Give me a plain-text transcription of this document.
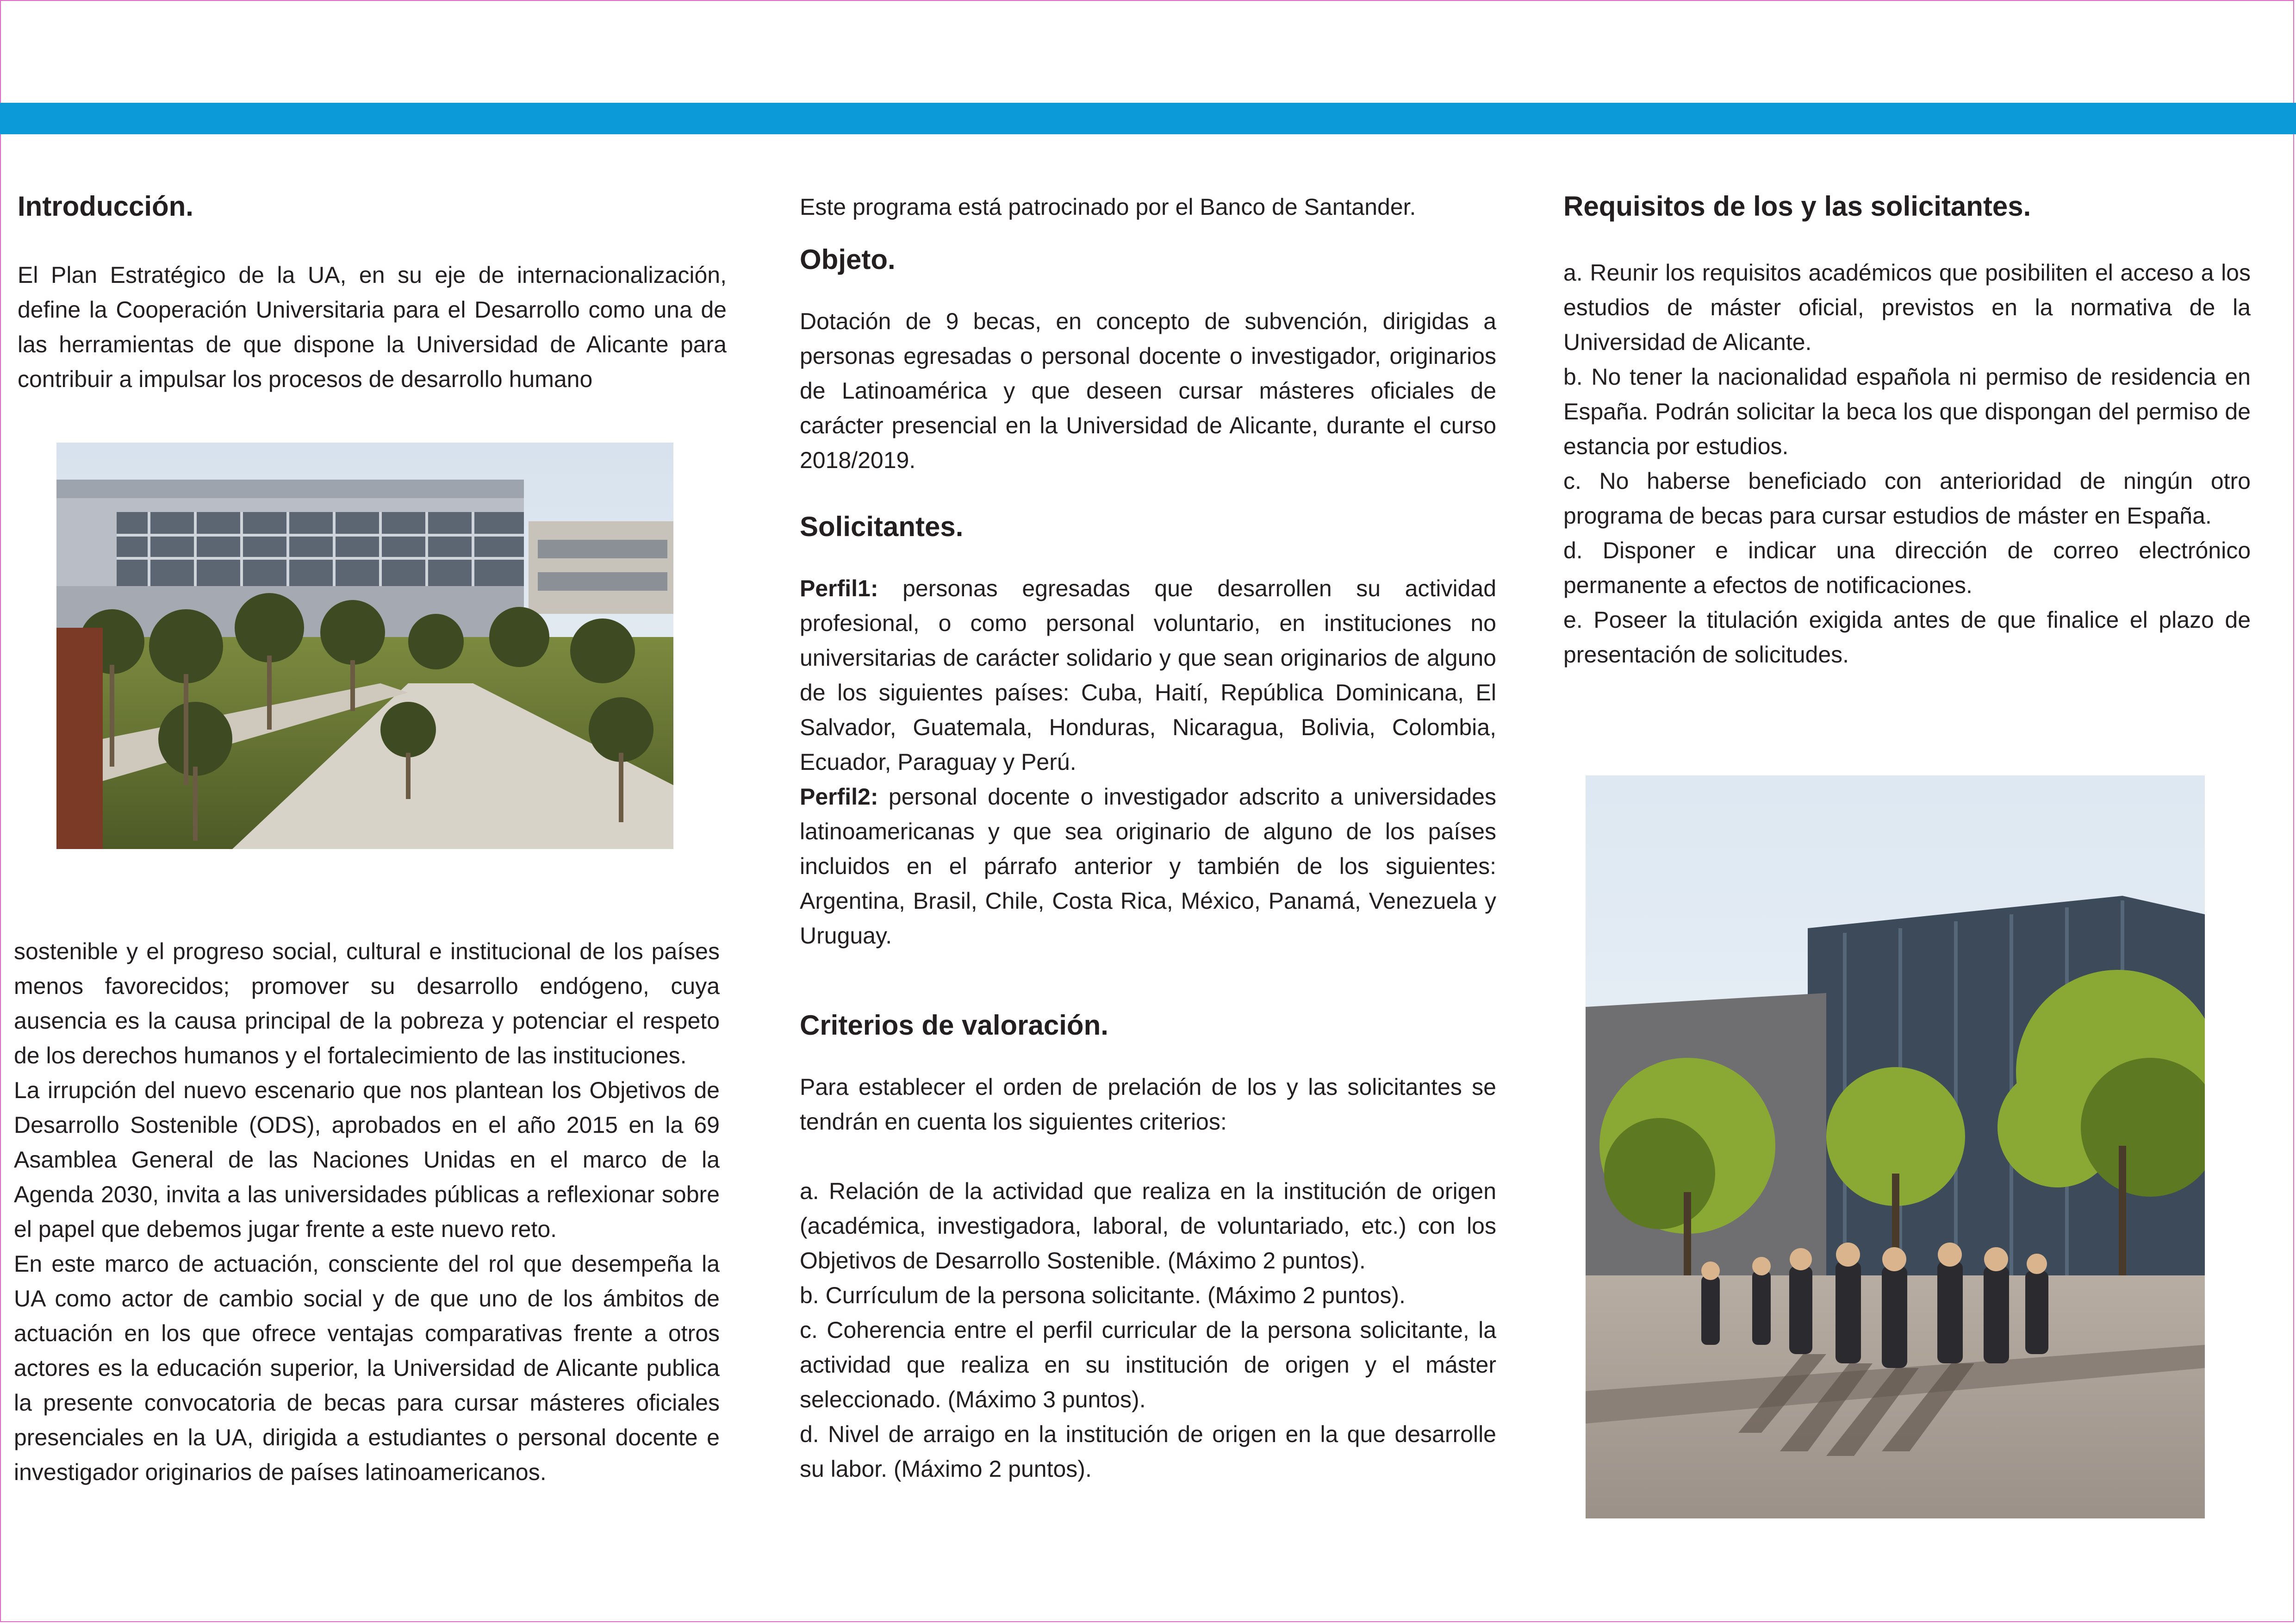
Introducción.

El Plan Estratégico de la UA, en su eje de internacionalización, define la Cooperación Universitaria para el Desarrollo como una de las herramientas de que dispone la Universidad de Alicante para contribuir a impulsar los procesos de desarrollo humano

sostenible y el progreso social, cultural e institucional de los países menos favorecidos; promover su desarrollo endógeno, cuya ausencia es la causa principal de la pobreza y potenciar el respeto de los derechos humanos y el fortalecimiento de las instituciones.

La irrupción del nuevo escenario que nos plantean los Objetivos de Desarrollo Sostenible (ODS), aprobados en el año 2015 en la 69 Asamblea General de las Naciones Unidas en el marco de la Agenda 2030, invita a las universidades públicas a reflexionar sobre el papel que debemos jugar frente a este nuevo reto.

En este marco de actuación, consciente del rol que desempeña la UA como actor de cambio social y de que uno de los ámbitos de actuación en los que ofrece ventajas comparativas frente a otros actores es la educación superior, la Universidad de Alicante publica la presente convocatoria de becas para cursar másteres oficiales presenciales en la UA, dirigida a estudiantes o personal docente e investigador originarios de países latinoamericanos.

Este programa está patrocinado por el Banco de Santander.

Objeto.

Dotación de 9 becas, en concepto de subvención, dirigidas a personas egresadas o personal docente o investigador, originarios de Latinoamérica y que deseen cursar másteres oficiales de carácter presencial en la Universidad de Alicante, durante el curso 2018/2019.

Solicitantes.

Perfil1: personas egresadas que desarrollen su actividad profesional, o como personal voluntario, en instituciones no universitarias de carácter solidario y que sean originarios de alguno de los siguientes países: Cuba, Haití, República Dominicana, El Salvador, Guatemala, Honduras, Nicaragua, Bolivia, Colombia, Ecuador, Paraguay y Perú.

Perfil2: personal docente o investigador adscrito a universidades latinoamericanas y que sea originario de alguno de los países incluidos en el párrafo anterior y también de los siguientes: Argentina, Brasil, Chile, Costa Rica, México, Panamá, Venezuela y Uruguay.

Criterios de valoración.

Para establecer el orden de prelación de los y las solicitantes se tendrán en cuenta los siguientes criterios:

a. Relación de la actividad que realiza en la institución de origen (académica, investigadora, laboral, de voluntariado, etc.) con los Objetivos de Desarrollo Sostenible. (Máximo 2 puntos).

b. Currículum de la persona solicitante. (Máximo 2 puntos).

c. Coherencia entre el perfil curricular de la persona solicitante, la actividad que realiza en su institución de origen y el máster seleccionado. (Máximo 3 puntos).

d. Nivel de arraigo en la institución de origen en la que desarrolle su labor. (Máximo 2 puntos).

Requisitos de los y las solicitantes.

a. Reunir los requisitos académicos que posibiliten el acceso a los estudios de máster oficial, previstos en la normativa de la Universidad de Alicante.

b. No tener la nacionalidad española ni permiso de residencia en España. Podrán solicitar la beca los que dispongan del permiso de estancia por estudios.

c. No haberse beneficiado con anterioridad de ningún otro programa de becas para cursar estudios de máster en España.

d. Disponer e indicar una dirección de correo electrónico permanente a efectos de notificaciones.

e. Poseer la titulación exigida antes de que finalice el plazo de presentación de solicitudes.
